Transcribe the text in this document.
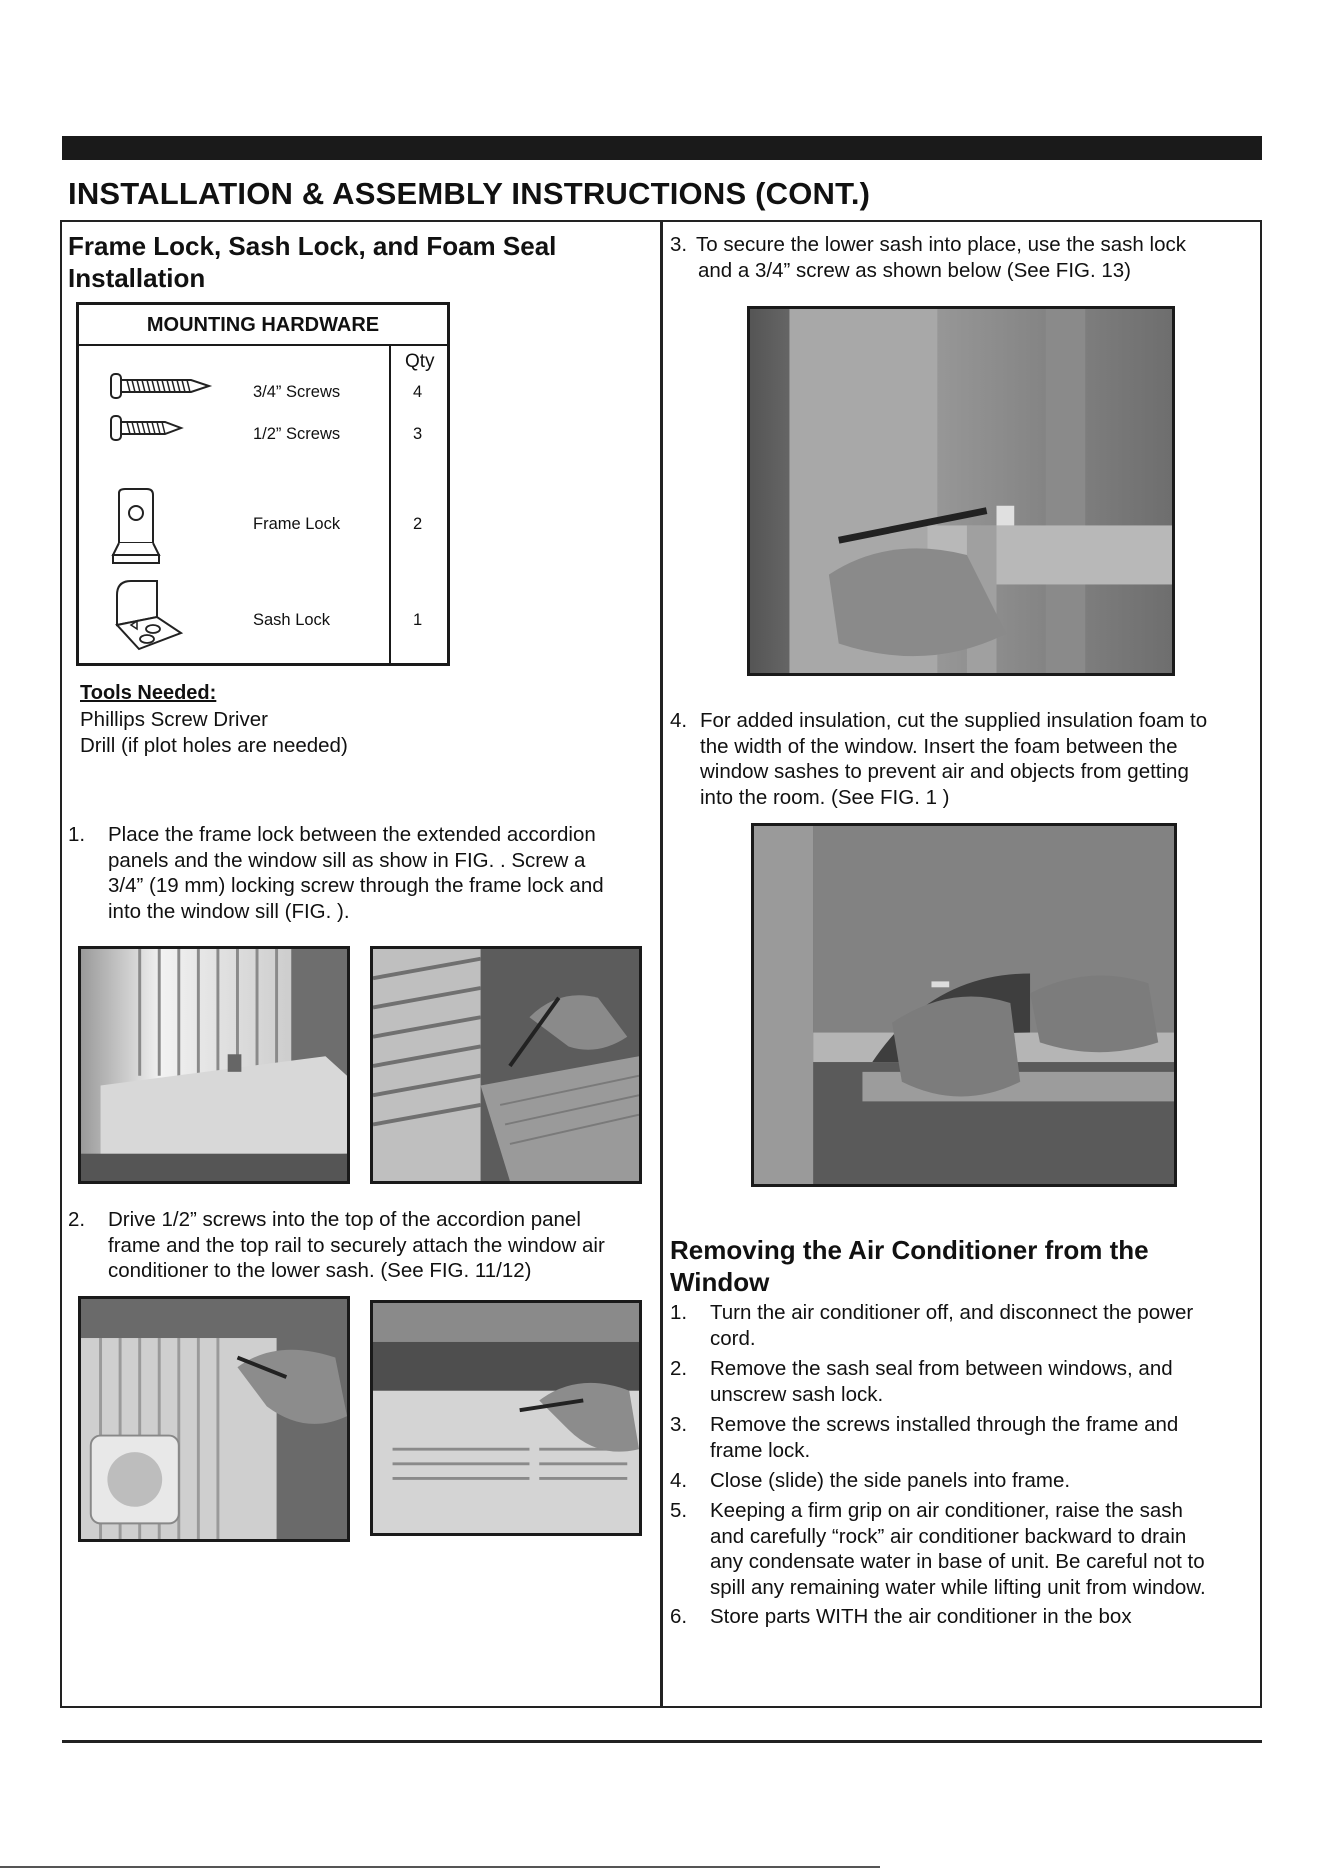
INSTALLATION & ASSEMBLY INSTRUCTIONS (CONT.)
Frame Lock, Sash Lock, and Foam Seal
Installation
MOUNTING HARDWARE
Qty
3/4” Screws	4
1/2” Screws	3
Frame Lock	2
Sash Lock	1
Tools Needed:
Phillips Screw Driver
Drill (if plot holes are needed)
1. Place the frame lock between the extended accordion
panels and the window sill as show in FIG. . Screw a
3/4” (19 mm) locking screw through the frame lock and
into the window sill (FIG. ).
2. Drive 1/2” screws into the top of the accordion panel
frame and the top rail to securely attach the window air
conditioner to the lower sash. (See FIG. 11/12)
3. To secure the lower sash into place, use the sash lock
and a 3/4” screw as shown below (See FIG. 13)
4. For added insulation, cut the supplied insulation foam to
the width of the window. Insert the foam between the
window sashes to prevent air and objects from getting
into the room. (See FIG. 1 )
Removing the Air Conditioner from the
Window
1. Turn the air conditioner off, and disconnect the power
cord.
2. Remove the sash seal from between windows, and
unscrew sash lock.
3. Remove the screws installed through the frame and
frame lock.
4. Close (slide) the side panels into frame.
5. Keeping a firm grip on air conditioner, raise the sash
and carefully “rock” air conditioner backward to drain
any condensate water in base of unit. Be careful not to
spill any remaining water while lifting unit from window.
6. Store parts WITH the air conditioner in the box
